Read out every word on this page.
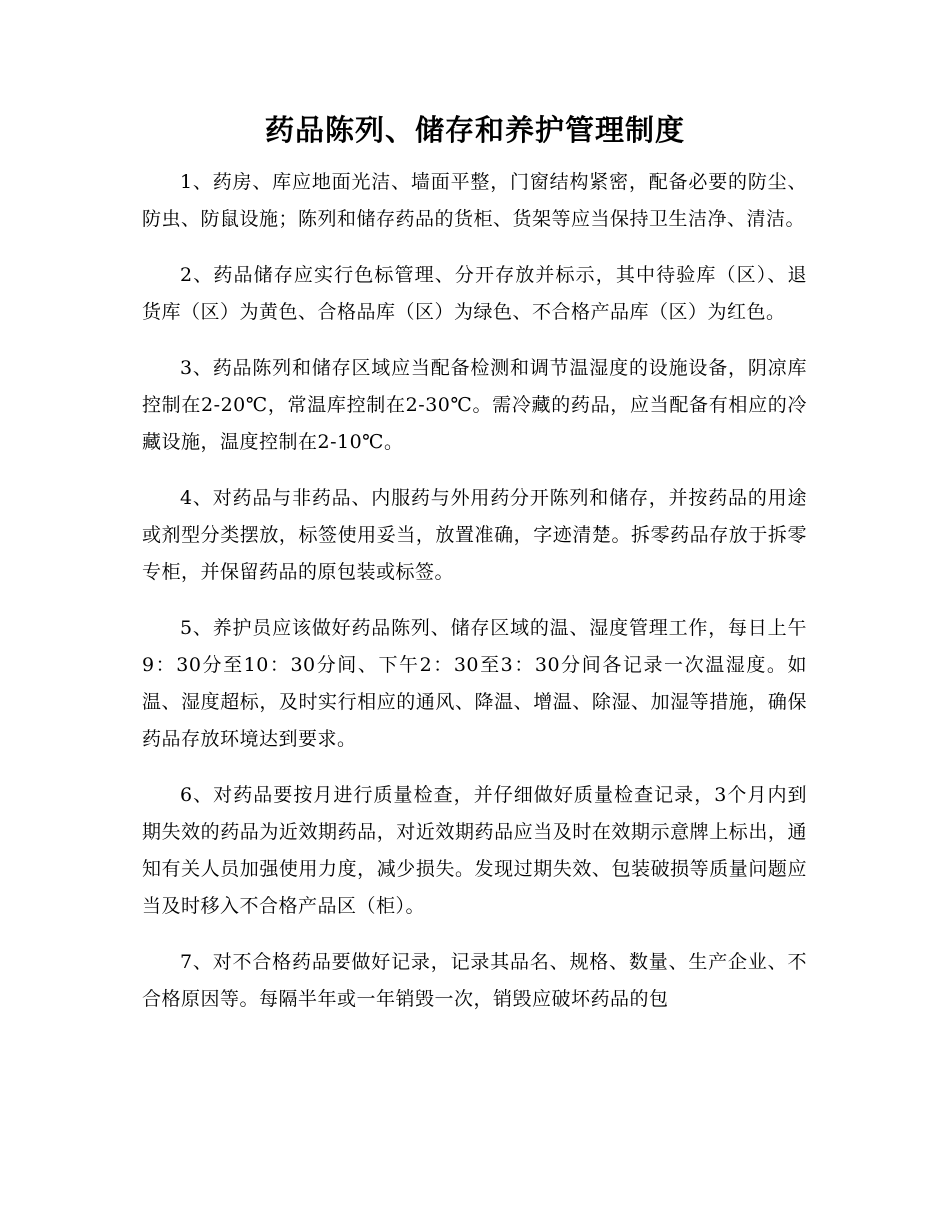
药品陈列、储存和养护管理制度

1、药房、库应地面光洁、墙面平整，门窗结构紧密，配备必要的防尘、防虫、防鼠设施；陈列和储存药品的货柜、货架等应当保持卫生洁净、清洁。

2、药品储存应实行色标管理、分开存放并标示，其中待验库（区）、退货库（区）为黄色、合格品库（区）为绿色、不合格产品库（区）为红色。

3、药品陈列和储存区域应当配备检测和调节温湿度的设施设备，阴凉库控制在2-20℃，常温库控制在2-30℃。需冷藏的药品，应当配备有相应的冷藏设施，温度控制在2-10℃。

4、对药品与非药品、内服药与外用药分开陈列和储存，并按药品的用途或剂型分类摆放，标签使用妥当，放置准确，字迹清楚。拆零药品存放于拆零专柜，并保留药品的原包装或标签。

5、养护员应该做好药品陈列、储存区域的温、湿度管理工作，每日上午9：30分至10：30分间、下午2：30至3：30分间各记录一次温湿度。如温、湿度超标，及时实行相应的通风、降温、增温、除湿、加湿等措施，确保药品存放环境达到要求。

6、对药品要按月进行质量检查，并仔细做好质量检查记录，3个月内到期失效的药品为近效期药品，对近效期药品应当及时在效期示意牌上标出，通知有关人员加强使用力度，减少损失。发现过期失效、包装破损等质量问题应当及时移入不合格产品区（柜）。

7、对不合格药品要做好记录，记录其品名、规格、数量、生产企业、不合格原因等。每隔半年或一年销毁一次，销毁应破坏药品的包
